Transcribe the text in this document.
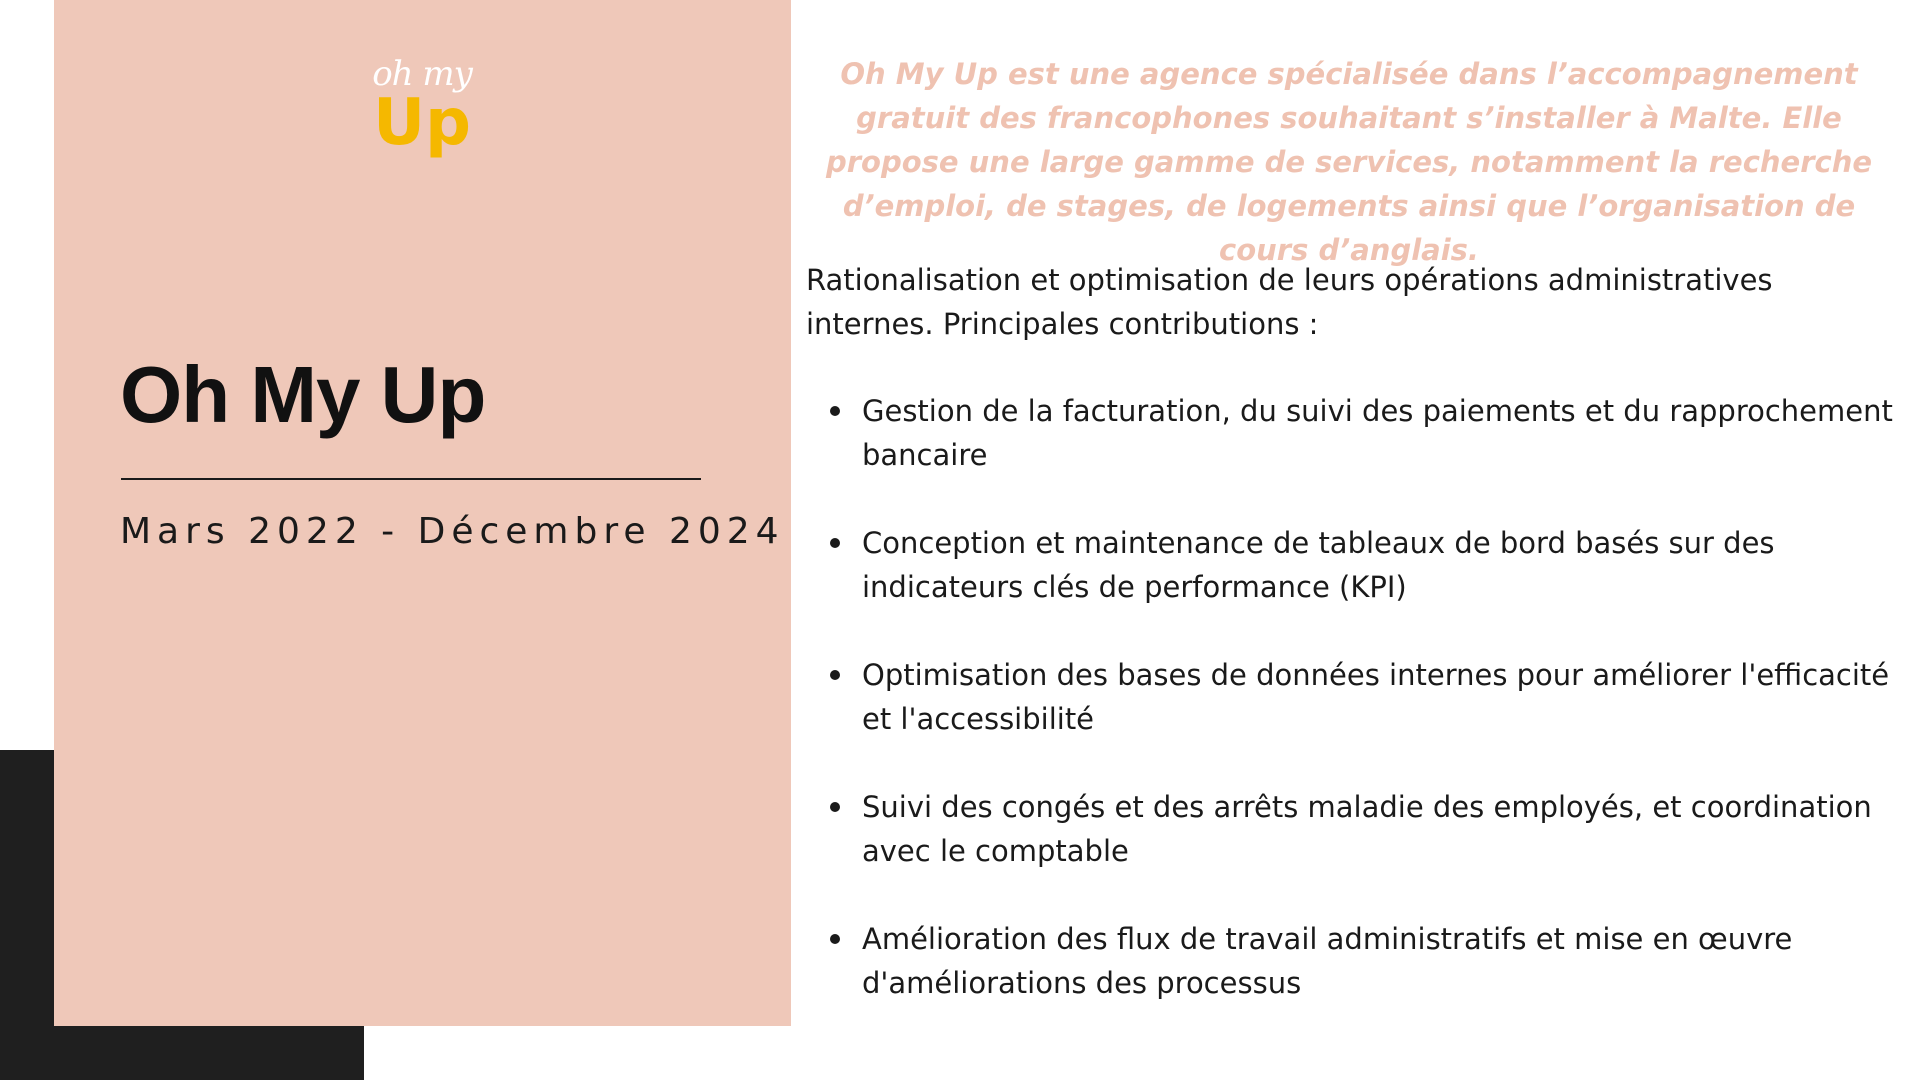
oh my
Up
Oh My Up
Mars 2022 - Décembre 2024

Oh My Up est une agence spécialisée dans l’accompagnement gratuit des francophones souhaitant s’installer à Malte. Elle propose une large gamme de services, notamment la recherche d’emploi, de stages, de logements ainsi que l’organisation de cours d’anglais.

Rationalisation et optimisation de leurs opérations administratives internes. Principales contributions :

Gestion de la facturation, du suivi des paiements et du rapprochement bancaire
Conception et maintenance de tableaux de bord basés sur des indicateurs clés de performance (KPI)
Optimisation des bases de données internes pour améliorer l'efficacité et l'accessibilité
Suivi des congés et des arrêts maladie des employés, et coordination avec le comptable
Amélioration des flux de travail administratifs et mise en œuvre d'améliorations des processus
